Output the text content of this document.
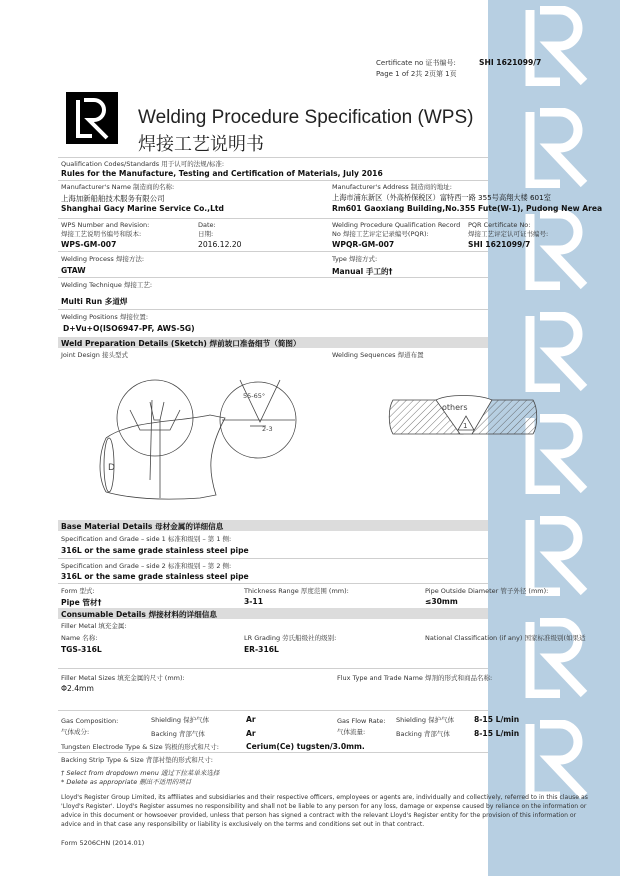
Certificate no 证书编号:	SHI 1621099/7
Page 1 of 2共 2页第 1页
Welding Procedure Specification (WPS)
焊接工艺说明书
Qualification Codes/Standards 用于认可的法规/标准:
Rules for the Manufacture, Testing and Certification of Materials, July 2016
Manufacturer's Name 制造商的名称:
上海加新船舶技术服务有限公司
Shanghai Gacy Marine Service Co.,Ltd
Manufacturer's Address 制造商的地址:
上海市浦东新区（外高桥保税区）富特西一路 355号高翔大楼 601室
Rm601 Gaoxiang Building,No.355 Fute(W-1), Pudong New Area
WPS Number and Revision:
焊接工艺说明书编号和版本:
WPS-GM-007
Date:
日期:
2016.12.20
Welding Procedure Qualification Record
No 焊接工艺评定记录编号(PQR):
WPQR-GM-007
PQR Certificate No:
焊接工艺评定认可证书编号:
SHI 1621099/7
Welding Process 焊接方法:
GTAW
Type 焊接方式:
Manual 手工的†
Welding Technique 焊接工艺:
Multi Run 多道焊
Welding Positions 焊接位置:
D+Vu+O(ISO6947-PF, AWS-5G)
Weld Preparation Details (Sketch) 焊前坡口准备细节（简图）
Joint Design 接头型式	Welding Sequences 焊道布置
D
55-65°
2-3
others
1
Base Material Details 母材金属的详细信息
Specification and Grade – side 1 标准和级别 – 第 1 侧:
316L or the same grade stainless steel pipe
Specification and Grade – side 2 标准和级别 – 第 2 侧:
316L or the same grade stainless steel pipe
Form 型式:
Pipe 管材†
Thickness Range 厚度范围 (mm):
3-11
Pipe Outside Diameter 管子外径 (mm):
≤30mm
Consumable Details 焊接材料的详细信息
Filler Metal 填充金属:
Name 名称:
TGS-316L
LR Grading 劳氏船级社的级别:
ER-316L
National Classification (if any) 国家标准级别(如果适
Filler Metal Sizes 填充金属的尺寸 (mm):
Φ2.4mm
Flux Type and Trade Name 焊剂的形式和商品名称:
Gas Composition:
气体成分:
Shielding 保护气体	Ar
Backing 背部气体	Ar
Gas Flow Rate:
气体流量:
Shielding 保护气体	8-15 L/min
Backing 背部气体	8-15 L/min
Tungsten Electrode Type & Size 钨极的形式和尺寸:	Cerium(Ce) tugsten/3.0mm.
Backing Strip Type & Size 背部衬垫的形式和尺寸:
† Select from dropdown menu 通过下拉菜单来选择
* Delete as appropriate 删出不适用的项目
Lloyd's Register Group Limited, its affiliates and subsidiaries and their respective officers, employees or agents are, individually and collectively, referred to in this clause as
'Lloyd's Register'. Lloyd's Register assumes no responsibility and shall not be liable to any person for any loss, damage or expense caused by reliance on the information or
advice in this document or howsoever provided, unless that person has signed a contract with the relevant Lloyd's Register entity for the provision of this information or
advice and in that case any responsibility or liability is exclusively on the terms and conditions set out in that contract.
Form 5206CHN (2014.01)
